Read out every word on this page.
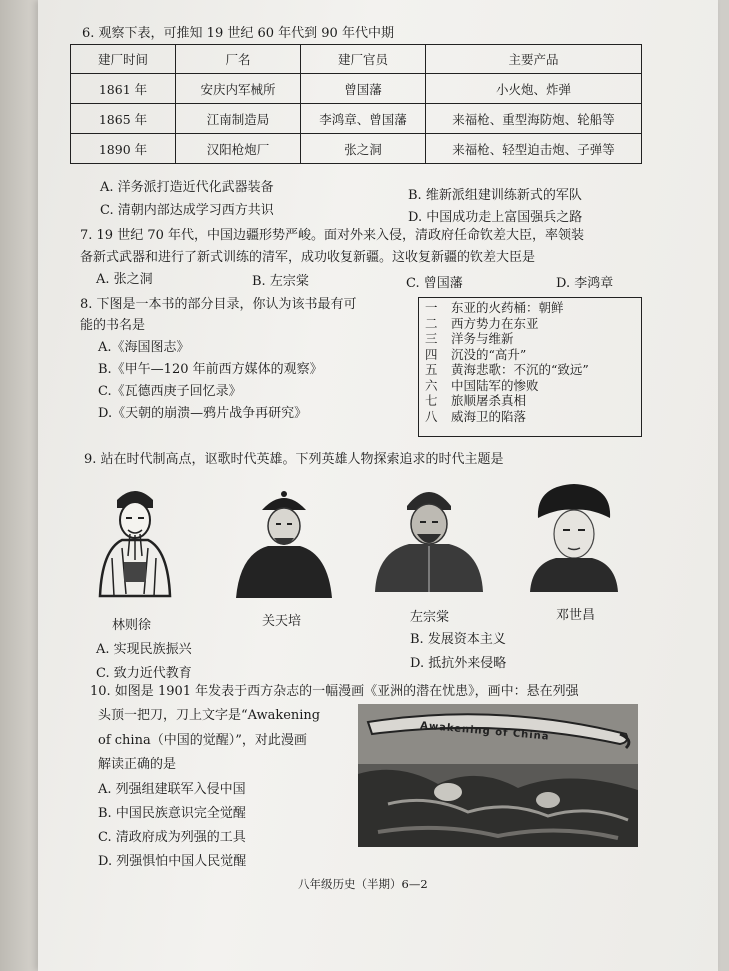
6. 观察下表，可推知 19 世纪 60 年代到 90 年代中期
建厂时间	厂名	建厂官员	主要产品
1861 年	安庆内军械所	曾国藩	小火炮、炸弹
1865 年	江南制造局	李鸿章、曾国藩	来福枪、重型海防炮、轮船等
1890 年	汉阳枪炮厂	张之洞	来福枪、轻型迫击炮、子弹等
A. 洋务派打造近代化武器装备
B. 维新派组建训练新式的军队
C. 清朝内部达成学习西方共识	D. 中国成功走上富国强兵之路
7. 19 世纪 70 年代，中国边疆形势严峻。面对外来入侵，清政府任命钦差大臣，率领装
备新式武器和进行了新式训练的清军，成功收复新疆。这收复新疆的钦差大臣是
A. 张之洞	B. 左宗棠	C. 曾国藩	D. 李鸿章
8. 下图是一本书的部分目录，你认为该书最有可
能的书名是
A.《海国图志》
B.《甲午—120 年前西方媒体的观察》
C.《瓦德西庚子回忆录》
D.《天朝的崩溃—鸦片战争再研究》
一	东亚的火药桶：朝鲜
二	西方势力在东亚
三	洋务与维新
四	沉没的“高升”
五	黄海悲歌：不沉的“致远”
六	中国陆军的惨败
七	旅顺屠杀真相
八	威海卫的陷落
9. 站在时代制高点，讴歌时代英雄。下列英雄人物探索追求的时代主题是
林则徐	关天培	左宗棠	邓世昌
A. 实现民族振兴
B. 发展资本主义
C. 致力近代教育
D. 抵抗外来侵略
10. 如图是 1901 年发表于西方杂志的一幅漫画《亚洲的潜在忧患》，画中：悬在列强
头顶一把刀，刀上文字是“Awakening
of china（中国的觉醒）”，对此漫画
解读正确的是
A. 列强组建联军入侵中国
B. 中国民族意识完全觉醒
C. 清政府成为列强的工具
D. 列强惧怕中国人民觉醒
Awakening of China
八年级历史（半期）6—2
